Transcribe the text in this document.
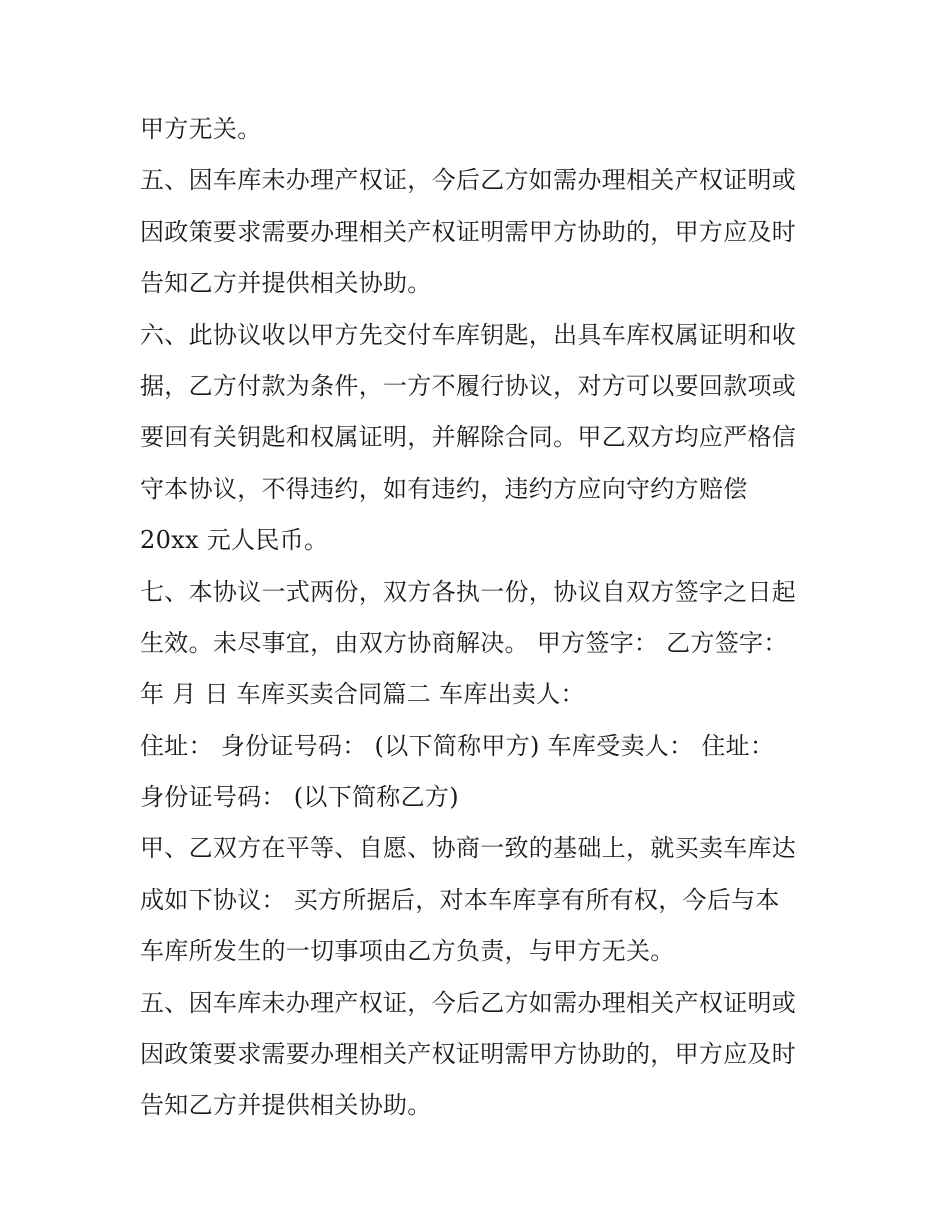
甲方无关。
五、因车库未办理产权证，今后乙方如需办理相关产权证明或
因政策要求需要办理相关产权证明需甲方协助的，甲方应及时
告知乙方并提供相关协助。
六、此协议收以甲方先交付车库钥匙，出具车库权属证明和收
据，乙方付款为条件，一方不履行协议，对方可以要回款项或
要回有关钥匙和权属证明，并解除合同。甲乙双方均应严格信
守本协议，不得违约，如有违约，违约方应向守约方赔偿
20xx 元人民币。
七、本协议一式两份，双方各执一份，协议自双方签字之日起
生效。未尽事宜，由双方协商解决。 甲方签字： 乙方签字：
年 月 日 车库买卖合同篇二 车库出卖人：
住址： 身份证号码： (以下简称甲方) 车库受卖人： 住址：
身份证号码： (以下简称乙方)
甲、乙双方在平等、自愿、协商一致的基础上，就买卖车库达
成如下协议： 买方所据后，对本车库享有所有权，今后与本
车库所发生的一切事项由乙方负责，与甲方无关。
五、因车库未办理产权证，今后乙方如需办理相关产权证明或
因政策要求需要办理相关产权证明需甲方协助的，甲方应及时
告知乙方并提供相关协助。
